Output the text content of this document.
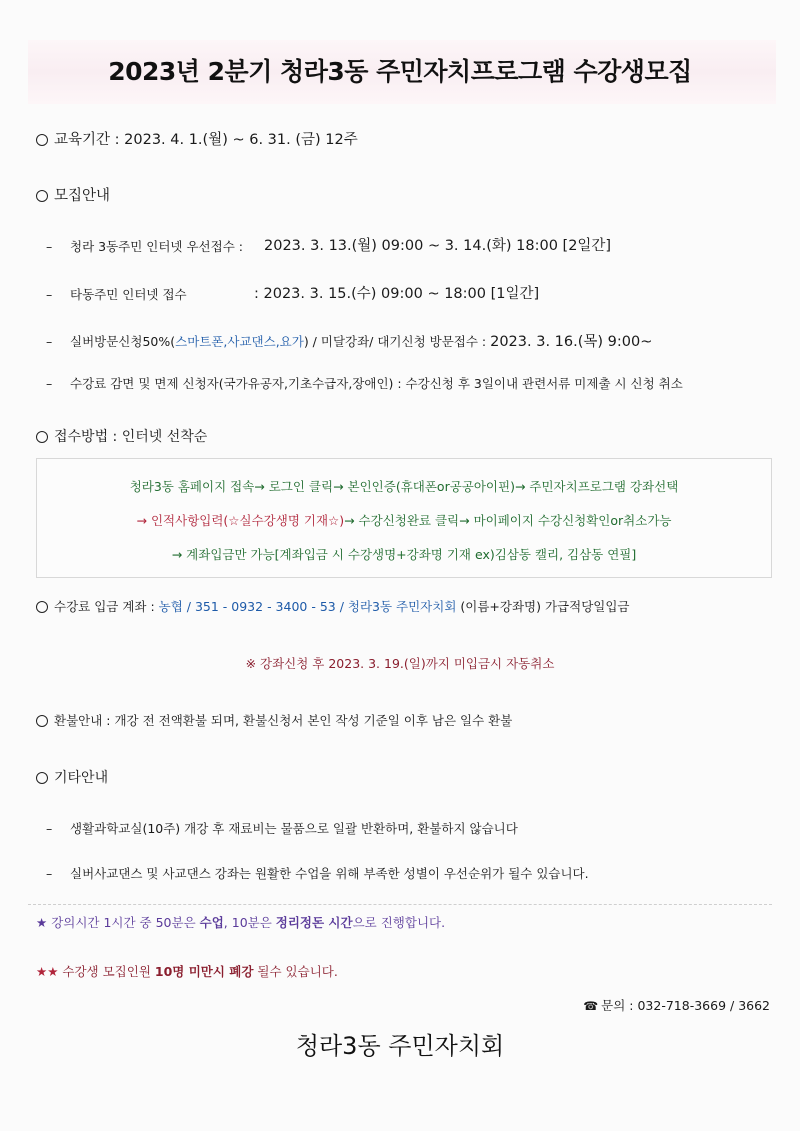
2023년 2분기 청라3동 주민자치프로그램 수강생모집
교육기간 : 2023. 4. 1.(월) ~ 6. 31. (금) 12주
모집안내
– 청라 3동주민 인터넷 우선접수 : 2023. 3. 13.(월) 09:00 ~ 3. 14.(화) 18:00 [2일간]
– 타동주민 인터넷 접수	: 2023. 3. 15.(수) 09:00 ~ 18:00 [1일간]
– 실버방문신청50%(스마트폰,사교댄스,요가) / 미달강좌/ 대기신청 방문접수 : 2023. 3. 16.(목) 9:00~
– 수강료 감면 및 면제 신청자(국가유공자,기초수급자,장애인) : 수강신청 후 3일이내 관련서류 미제출 시 신청 취소
접수방법 : 인터넷 선착순
청라3동 홈페이지 접속→ 로그인 클릭→ 본인인증(휴대폰or공공아이핀)→ 주민자치프로그램 강좌선택
→ 인적사항입력(☆실수강생명 기재☆)→ 수강신청완료 클릭→ 마이페이지 수강신청확인or취소가능
→ 계좌입금만 가능[계좌입금 시 수강생명+강좌명 기재 ex)김삼동 캘리, 김삼동 연필]
수강료 입금 계좌 : 농협 / 351 - 0932 - 3400 - 53 / 청라3동 주민자치회 (이름+강좌명) 가급적당일입금
※ 강좌신청 후 2023. 3. 19.(일)까지 미입금시 자동취소
환불안내 : 개강 전 전액환불 되며, 환불신청서 본인 작성 기준일 이후 남은 일수 환불
기타안내
– 생활과학교실(10주) 개강 후 재료비는 물품으로 일괄 반환하며, 환불하지 않습니다
– 실버사교댄스 및 사교댄스 강좌는 원활한 수업을 위해 부족한 성별이 우선순위가 될수 있습니다.
★ 강의시간 1시간 중 50분은 수업, 10분은 정리정돈 시간으로 진행합니다.
★★ 수강생 모집인원 10명 미만시 폐강 될수 있습니다.
☎ 문의 : 032-718-3669 / 3662
청라3동 주민자치회
